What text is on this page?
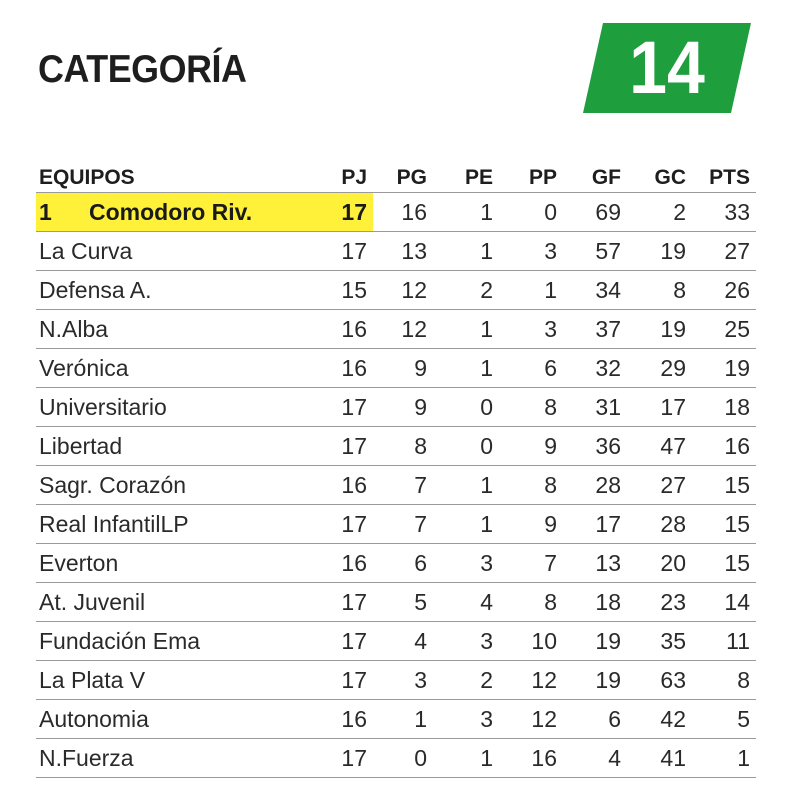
CATEGORÍA	14
EQUIPOS	PJ	PG	PE	PP	GF	GC	PTS
1 Comodoro Riv.	17	16	1	0	69	2	33
La Curva	17	13	1	3	57	19	27
Defensa A.	15	12	2	1	34	8	26
N.Alba	16	12	1	3	37	19	25
Verónica	16	9	1	6	32	29	19
Universitario	17	9	0	8	31	17	18
Libertad	17	8	0	9	36	47	16
Sagr. Corazón	16	7	1	8	28	27	15
Real InfantilLP	17	7	1	9	17	28	15
Everton	16	6	3	7	13	20	15
At. Juvenil	17	5	4	8	18	23	14
Fundación Ema	17	4	3	10	19	35	11
La Plata V	17	3	2	12	19	63	8
Autonomia	16	1	3	12	6	42	5
N.Fuerza	17	0	1	16	4	41	1
